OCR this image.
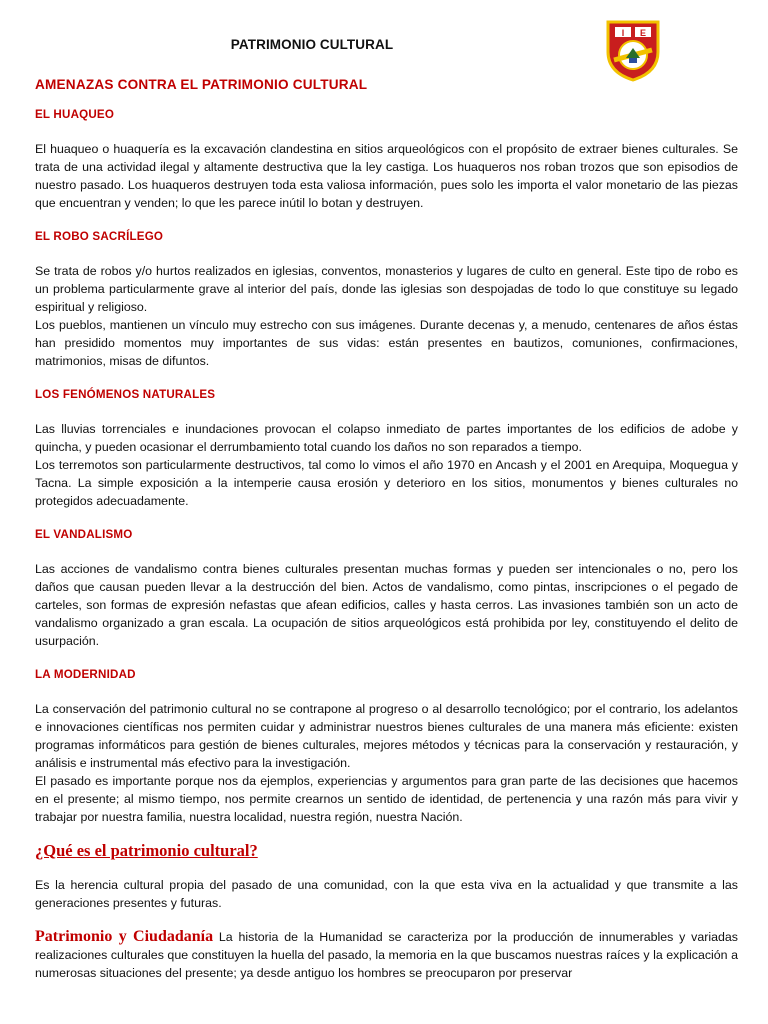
PATRIMONIO CULTURAL
I E
AMENAZAS CONTRA EL PATRIMONIO CULTURAL
EL HUAQUEO

El huaqueo o huaquería es la excavación clandestina en sitios arqueológicos con el propósito de extraer bienes culturales. Se trata de una actividad ilegal y altamente destructiva que la ley castiga. Los huaqueros nos roban trozos que son episodios de nuestro pasado. Los huaqueros destruyen toda esta valiosa información, pues solo les importa el valor monetario de las piezas que encuentran y venden; lo que les parece inútil lo botan y destruyen.

EL ROBO SACRÍLEGO

Se trata de robos y/o hurtos realizados en iglesias, conventos, monasterios y lugares de culto en general. Este tipo de robo es un problema particularmente grave al interior del país, donde las iglesias son despojadas de todo lo que constituye su legado espiritual y religioso.

Los pueblos, mantienen un vínculo muy estrecho con sus imágenes. Durante decenas y, a menudo, centenares de años éstas han presidido momentos muy importantes de sus vidas: están presentes en bautizos, comuniones, confirmaciones, matrimonios, misas de difuntos.

LOS FENÓMENOS NATURALES

Las lluvias torrenciales e inundaciones provocan el colapso inmediato de partes importantes de los edificios de adobe y quincha, y pueden ocasionar el derrumbamiento total cuando los daños no son reparados a tiempo.

Los terremotos son particularmente destructivos, tal como lo vimos el año 1970 en Ancash y el 2001 en Arequipa, Moquegua y Tacna. La simple exposición a la intemperie causa erosión y deterioro en los sitios, monumentos y bienes culturales no protegidos adecuadamente.

EL VANDALISMO

Las acciones de vandalismo contra bienes culturales presentan muchas formas y pueden ser intencionales o no, pero los daños que causan pueden llevar a la destrucción del bien. Actos de vandalismo, como pintas, inscripciones o el pegado de carteles, son formas de expresión nefastas que afean edificios, calles y hasta cerros. Las invasiones también son un acto de vandalismo organizado a gran escala. La ocupación de sitios arqueológicos está prohibida por ley, constituyendo el delito de usurpación.

LA MODERNIDAD

La conservación del patrimonio cultural no se contrapone al progreso o al desarrollo tecnológico; por el contrario, los adelantos e innovaciones científicas nos permiten cuidar y administrar nuestros bienes culturales de una manera más eficiente: existen programas informáticos para gestión de bienes culturales, mejores métodos y técnicas para la conservación y restauración, y análisis e instrumental más efectivo para la investigación.

El pasado es importante porque nos da ejemplos, experiencias y argumentos para gran parte de las decisiones que hacemos en el presente; al mismo tiempo, nos permite crearnos un sentido de identidad, de pertenencia y una razón más para vivir y trabajar por nuestra familia, nuestra localidad, nuestra región, nuestra Nación.

¿Qué es el patrimonio cultural?

Es la herencia cultural propia del pasado de una comunidad, con la que esta viva en la actualidad y que transmite a las generaciones presentes y futuras.

Patrimonio y Ciudadanía La historia de la Humanidad se caracteriza por la producción de innumerables y variadas realizaciones culturales que constituyen la huella del pasado, la memoria en la que buscamos nuestras raíces y la explicación a numerosas situaciones del presente; ya desde antiguo los hombres se preocuparon por preservar
